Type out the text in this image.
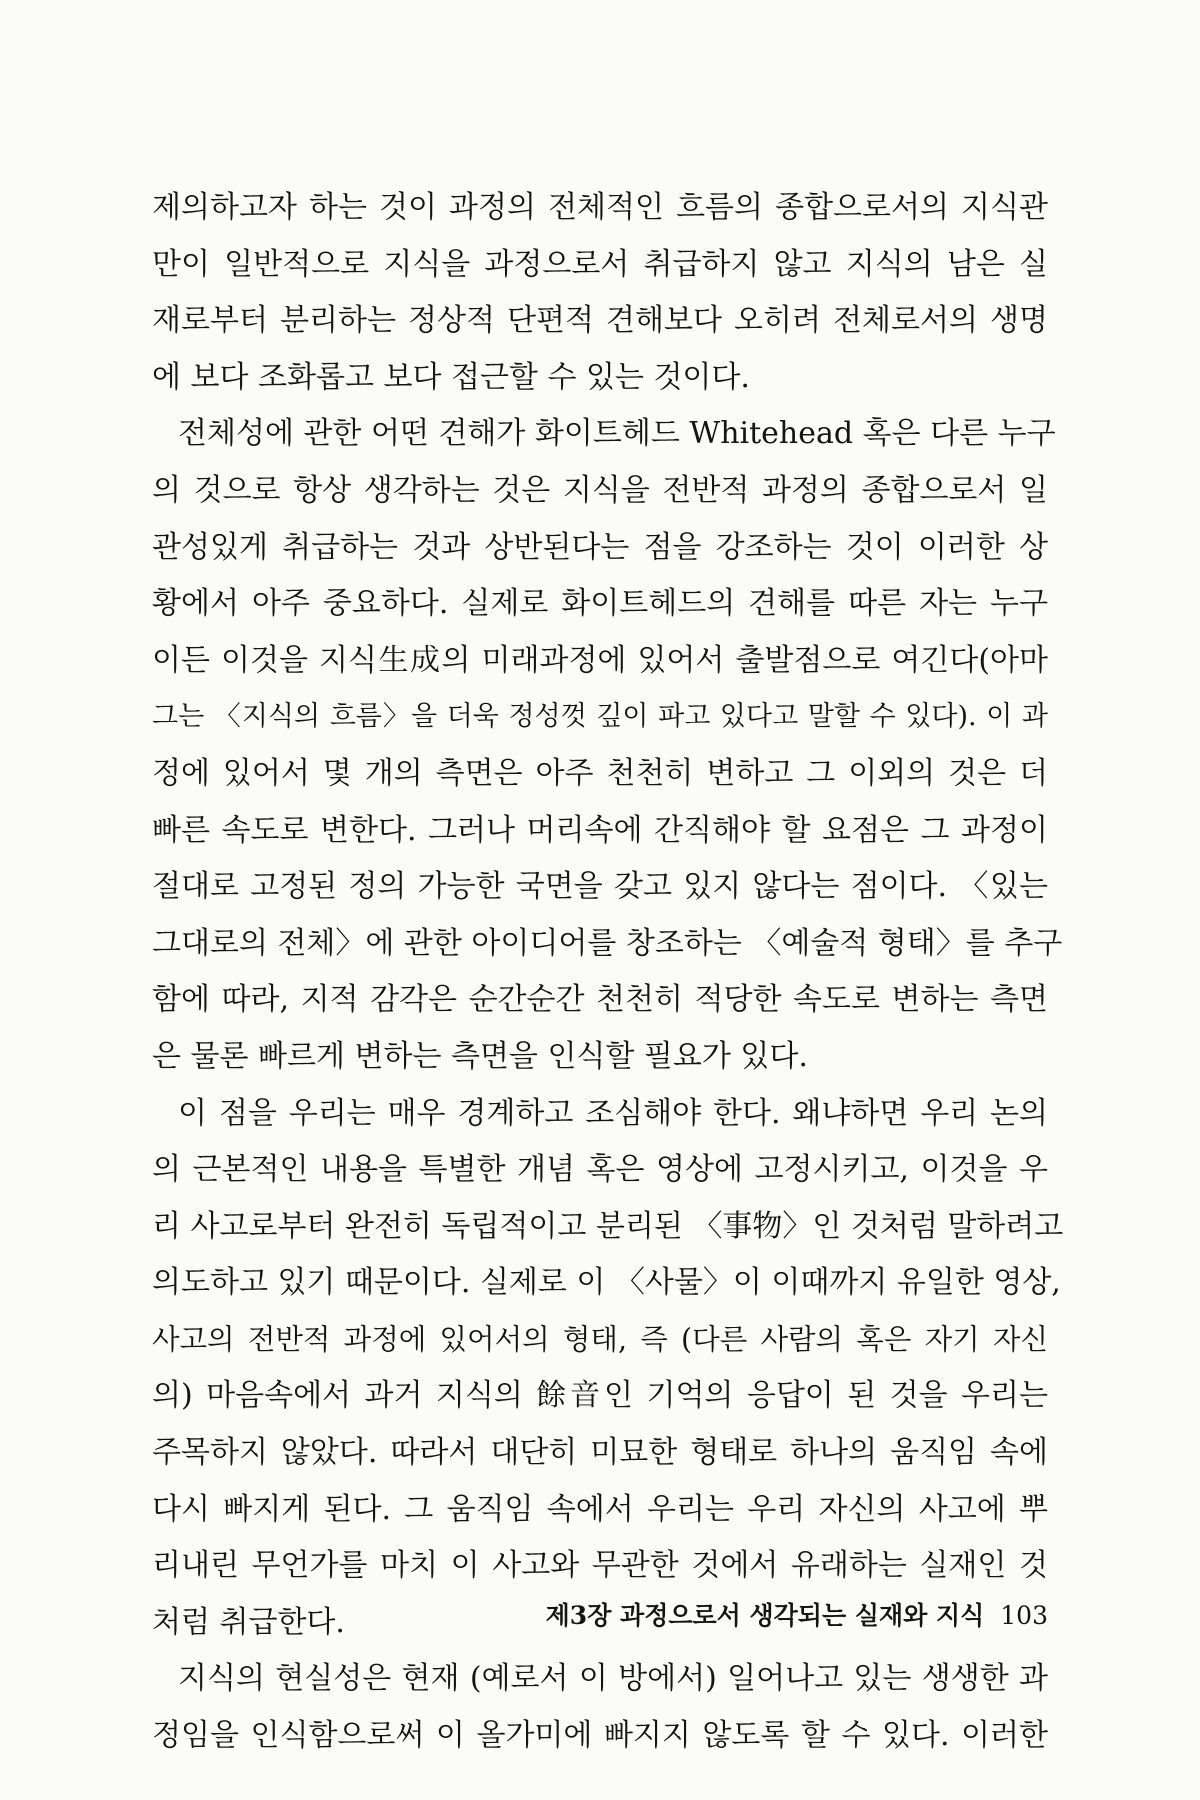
제의하고자 하는 것이 과정의 전체적인 흐름의 종합으로서의 지식관
만이 일반적으로 지식을 과정으로서 취급하지 않고 지식의 남은 실
재로부터 분리하는 정상적 단편적 견해보다 오히려 전체로서의 생명
에 보다 조화롭고 보다 접근할 수 있는 것이다.
전체성에 관한 어떤 견해가 화이트헤드 Whitehead 혹은 다른 누구
의 것으로 항상 생각하는 것은 지식을 전반적 과정의 종합으로서 일
관성있게 취급하는 것과 상반된다는 점을 강조하는 것이 이러한 상
황에서 아주 중요하다. 실제로 화이트헤드의 견해를 따른 자는 누구
이든 이것을 지식生成의 미래과정에 있어서 출발점으로 여긴다(아마
그는 〈지식의 흐름〉을 더욱 정성껏 깊이 파고 있다고 말할 수 있다). 이 과
정에 있어서 몇 개의 측면은 아주 천천히 변하고 그 이외의 것은 더
빠른 속도로 변한다. 그러나 머리속에 간직해야 할 요점은 그 과정이
절대로 고정된 정의 가능한 국면을 갖고 있지 않다는 점이다. 〈있는
그대로의 전체〉에 관한 아이디어를 창조하는 〈예술적 형태〉를 추구
함에 따라, 지적 감각은 순간순간 천천히 적당한 속도로 변하는 측면
은 물론 빠르게 변하는 측면을 인식할 필요가 있다.
이 점을 우리는 매우 경계하고 조심해야 한다. 왜냐하면 우리 논의
의 근본적인 내용을 특별한 개념 혹은 영상에 고정시키고, 이것을 우
리 사고로부터 완전히 독립적이고 분리된 〈事物〉인 것처럼 말하려고
의도하고 있기 때문이다. 실제로 이 〈사물〉이 이때까지 유일한 영상,
사고의 전반적 과정에 있어서의 형태, 즉 (다른 사람의 혹은 자기 자신
의) 마음속에서 과거 지식의 餘音인 기억의 응답이 된 것을 우리는
주목하지 않았다. 따라서 대단히 미묘한 형태로 하나의 움직임 속에
다시 빠지게 된다. 그 움직임 속에서 우리는 우리 자신의 사고에 뿌
리내린 무언가를 마치 이 사고와 무관한 것에서 유래하는 실재인 것
처럼 취급한다.
지식의 현실성은 현재 (예로서 이 방에서) 일어나고 있는 생생한 과
정임을 인식함으로써 이 올가미에 빠지지 않도록 할 수 있다. 이러한
제3장 과정으로서 생각되는 실재와 지식 103
